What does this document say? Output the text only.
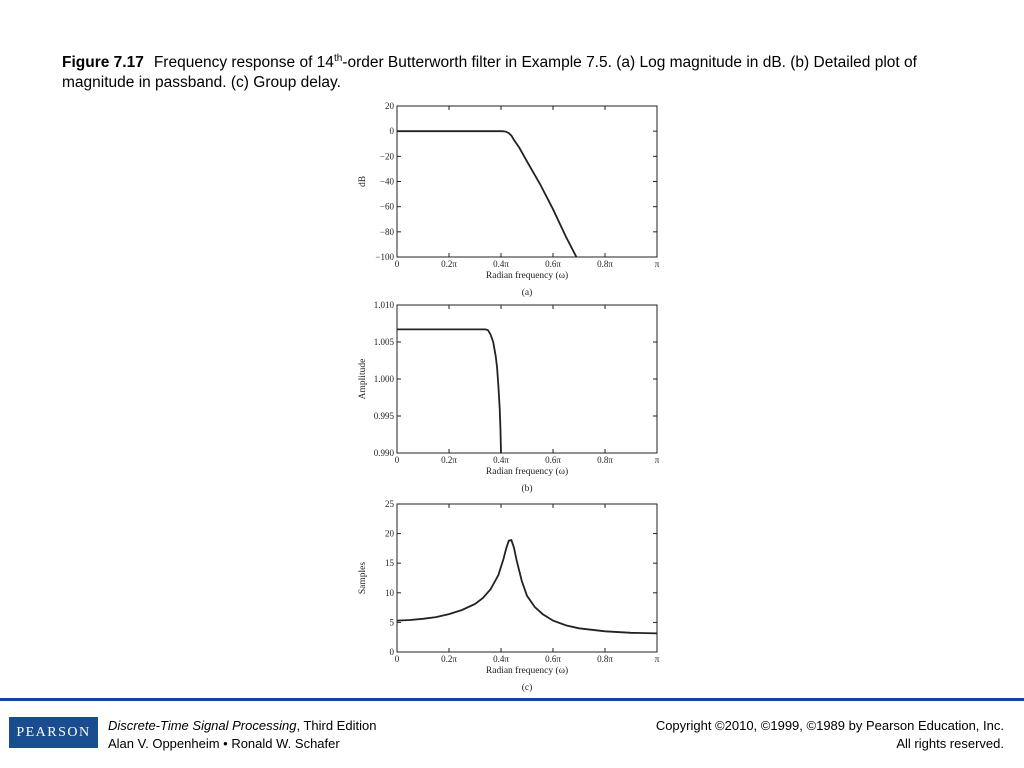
Figure 7.17 Frequency response of 14th-order Butterworth filter in Example 7.5. (a) Log magnitude in dB. (b) Detailed plot of magnitude in passband. (c) Group delay.
0	0.2π	0.4π	0.6π	0.8π	π
20
0
−20
−40
−60
−80
−100
Radian frequency (ω)
(a)
dB
0	0.2π	0.4π	0.6π	0.8π	π
1.010
1.005
1.000
0.995
0.990
Radian frequency (ω)
(b)
Amplitude
0	0.2π	0.4π	0.6π	0.8π	π
25
20
15
10
5
0
Radian frequency (ω)
(c)
Samples
PEARSON	Discrete-Time Signal Processing, Third Edition
Alan V. Oppenheim • Ronald W. Schafer
Copyright ©2010, ©1999, ©1989 by Pearson Education, Inc.
All rights reserved.
